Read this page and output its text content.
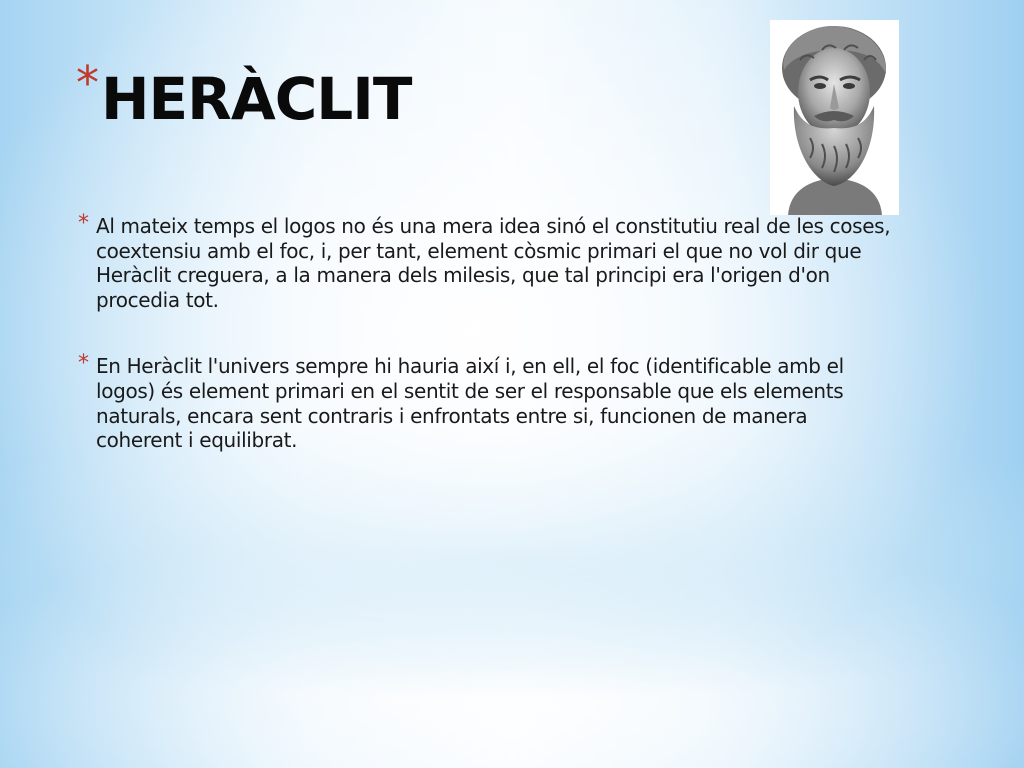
* HERÀCLIT
* Al mateix temps el logos no és una mera idea sinó el constitutiu real de les coses, coextensiu amb el foc, i, per tant, element còsmic primari el que no vol dir que Heràclit creguera, a la manera dels milesis, que tal principi era l'origen d'on procedia tot.
* En Heràclit l'univers sempre hi hauria així i, en ell, el foc (identificable amb el logos) és element primari en el sentit de ser el responsable que els elements naturals, encara sent contraris i enfrontats entre si, funcionen de manera coherent i equilibrat.
